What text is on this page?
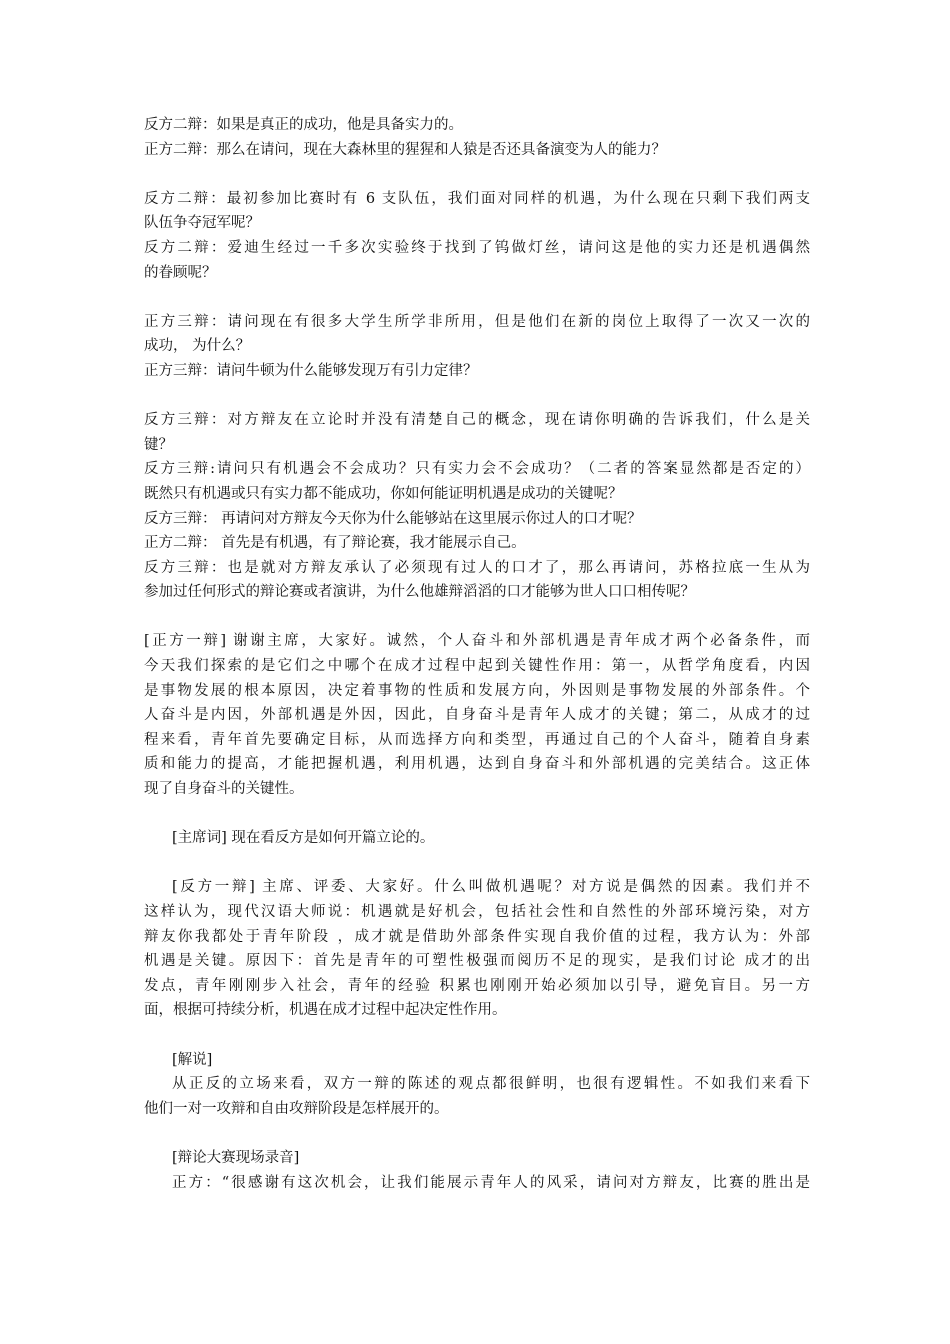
反方二辩：如果是真正的成功，他是具备实力的。
正方二辩：那么在请问，现在大森林里的猩猩和人猿是否还具备演变为人的能力？
反方二辩：最初参加比赛时有 6 支队伍，我们面对同样的机遇，为什么现在只剩下我们两支
队伍争夺冠军呢？
反方二辩：爱迪生经过一千多次实验终于找到了钨做灯丝，请问这是他的实力还是机遇偶然
的眷顾呢？
正方三辩：请问现在有很多大学生所学非所用，但是他们在新的岗位上取得了一次又一次的
成功， 为什么？
正方三辩：请问牛顿为什么能够发现万有引力定律？
反方三辩：对方辩友在立论时并没有清楚自己的概念，现在请你明确的告诉我们，什么是关
键？
反方三辩:请问只有机遇会不会成功？只有实力会不会成功？（二者的答案显然都是否定的）
既然只有机遇或只有实力都不能成功，你如何能证明机遇是成功的关键呢？
反方三辩： 再请问对方辩友今天你为什么能够站在这里展示你过人的口才呢？
正方二辩： 首先是有机遇，有了辩论赛，我才能展示自己。
反方三辩：也是就对方辩友承认了必须现有过人的口才了，那么再请问，苏格拉底一生从为
参加过任何形式的辩论赛或者演讲，为什么他雄辩滔滔的口才能够为世人口口相传呢？
[正方一辩] 谢谢主席，大家好。诚然，个人奋斗和外部机遇是青年成才两个必备条件，而
今天我们探索的是它们之中哪个在成才过程中起到关键性作用：第一，从哲学角度看，内因
是事物发展的根本原因，决定着事物的性质和发展方向，外因则是事物发展的外部条件。个
人奋斗是内因，外部机遇是外因，因此，自身奋斗是青年人成才的关键；第二，从成才的过
程来看，青年首先要确定目标，从而选择方向和类型，再通过自己的个人奋斗，随着自身素
质和能力的提高，才能把握机遇，利用机遇，达到自身奋斗和外部机遇的完美结合。这正体
现了自身奋斗的关键性。
[主席词] 现在看反方是如何开篇立论的。
[反方一辩] 主席、评委、大家好。什么叫做机遇呢？对方说是偶然的因素。我们并不
这样认为，现代汉语大师说：机遇就是好机会，包括社会性和自然性的外部环境污染，对方
辩友你我都处于青年阶段 ，成才就是借助外部条件实现自我价值的过程，我方认为：外部
机遇是关键。原因下：首先是青年的可塑性极强而阅历不足的现实，是我们讨论 成才的出
发点，青年刚刚步入社会，青年的经验 积累也刚刚开始必须加以引导，避免盲目。另一方
面，根据可持续分析，机遇在成才过程中起决定性作用。
[解说]
从正反的立场来看，双方一辩的陈述的观点都很鲜明，也很有逻辑性。不如我们来看下
他们一对一攻辩和自由攻辩阶段是怎样展开的。
[辩论大赛现场录音]
正方：“很感谢有这次机会，让我们能展示青年人的风采，请问对方辩友，比赛的胜出是
